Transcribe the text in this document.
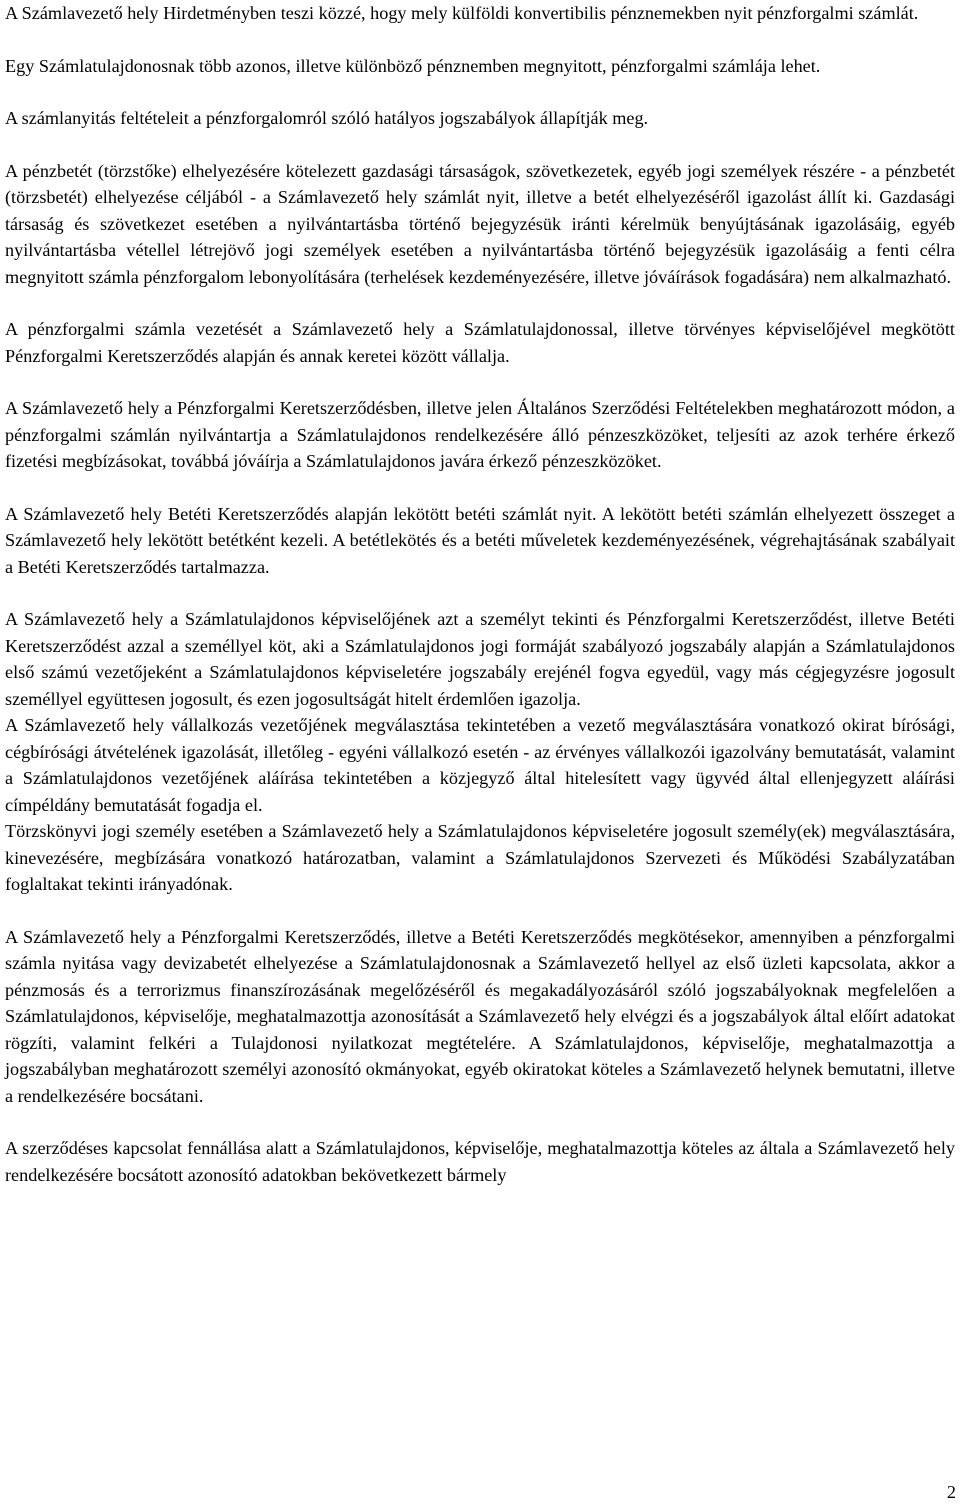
A Számlavezető hely Hirdetményben teszi közzé, hogy mely külföldi konvertibilis pénznemekben nyit pénzforgalmi számlát.

Egy Számlatulajdonosnak több azonos, illetve különböző pénznemben megnyitott, pénzforgalmi számlája lehet.

A számlanyitás feltételeit a pénzforgalomról szóló hatályos jogszabályok állapítják meg.

A pénzbetét (törzstőke) elhelyezésére kötelezett gazdasági társaságok, szövetkezetek, egyéb jogi személyek részére - a pénzbetét (törzsbetét) elhelyezése céljából - a Számlavezető hely számlát nyit, illetve a betét elhelyezéséről igazolást állít ki. Gazdasági társaság és szövetkezet esetében a nyilvántartásba történő bejegyzésük iránti kérelmük benyújtásának igazolásáig, egyéb nyilvántartásba vétellel létrejövő jogi személyek esetében a nyilvántartásba történő bejegyzésük igazolásáig a fenti célra megnyitott számla pénzforgalom lebonyolítására (terhelések kezdeményezésére, illetve jóváírások fogadására) nem alkalmazható.

A pénzforgalmi számla vezetését a Számlavezető hely a Számlatulajdonossal, illetve törvényes képviselőjével megkötött Pénzforgalmi Keretszerződés alapján és annak keretei között vállalja.

A Számlavezető hely a Pénzforgalmi Keretszerződésben, illetve jelen Általános Szerződési Feltételekben meghatározott módon, a pénzforgalmi számlán nyilvántartja a Számlatulajdonos rendelkezésére álló pénzeszközöket, teljesíti az azok terhére érkező fizetési megbízásokat, továbbá jóváírja a Számlatulajdonos javára érkező pénzeszközöket.

A Számlavezető hely Betéti Keretszerződés alapján lekötött betéti számlát nyit. A lekötött betéti számlán elhelyezett összeget a Számlavezető hely lekötött betétként kezeli. A betétlekötés és a betéti műveletek kezdeményezésének, végrehajtásának szabályait a Betéti Keretszerződés tartalmazza.

A Számlavezető hely a Számlatulajdonos képviselőjének azt a személyt tekinti és Pénzforgalmi Keretszerződést, illetve Betéti Keretszerződést azzal a személlyel köt, aki a Számlatulajdonos jogi formáját szabályozó jogszabály alapján a Számlatulajdonos első számú vezetőjeként a Számlatulajdonos képviseletére jogszabály erejénél fogva egyedül, vagy más cégjegyzésre jogosult személlyel együttesen jogosult, és ezen jogosultságát hitelt érdemlően igazolja.

A Számlavezető hely vállalkozás vezetőjének megválasztása tekintetében a vezető megválasztására vonatkozó okirat bírósági, cégbírósági átvételének igazolását, illetőleg - egyéni vállalkozó esetén - az érvényes vállalkozói igazolvány bemutatását, valamint a Számlatulajdonos vezetőjének aláírása tekintetében a közjegyző által hitelesített vagy ügyvéd által ellenjegyzett aláírási címpéldány bemutatását fogadja el.

Törzskönyvi jogi személy esetében a Számlavezető hely a Számlatulajdonos képviseletére jogosult személy(ek) megválasztására, kinevezésére, megbízására vonatkozó határozatban, valamint a Számlatulajdonos Szervezeti és Működési Szabályzatában foglaltakat tekinti irányadónak.

A Számlavezető hely a Pénzforgalmi Keretszerződés, illetve a Betéti Keretszerződés megkötésekor, amennyiben a pénzforgalmi számla nyitása vagy devizabetét elhelyezése a Számlatulajdonosnak a Számlavezető hellyel az első üzleti kapcsolata, akkor a pénzmosás és a terrorizmus finanszírozásának megelőzéséről és megakadályozásáról szóló jogszabályoknak megfelelően a Számlatulajdonos, képviselője, meghatalmazottja azonosítását a Számlavezető hely elvégzi és a jogszabályok által előírt adatokat rögzíti, valamint felkéri a Tulajdonosi nyilatkozat megtételére. A Számlatulajdonos, képviselője, meghatalmazottja a jogszabályban meghatározott személyi azonosító okmányokat, egyéb okiratokat köteles a Számlavezető helynek bemutatni, illetve a rendelkezésére bocsátani.

A szerződéses kapcsolat fennállása alatt a Számlatulajdonos, képviselője, meghatalmazottja köteles az általa a Számlavezető hely rendelkezésére bocsátott azonosító adatokban bekövetkezett bármely

2
